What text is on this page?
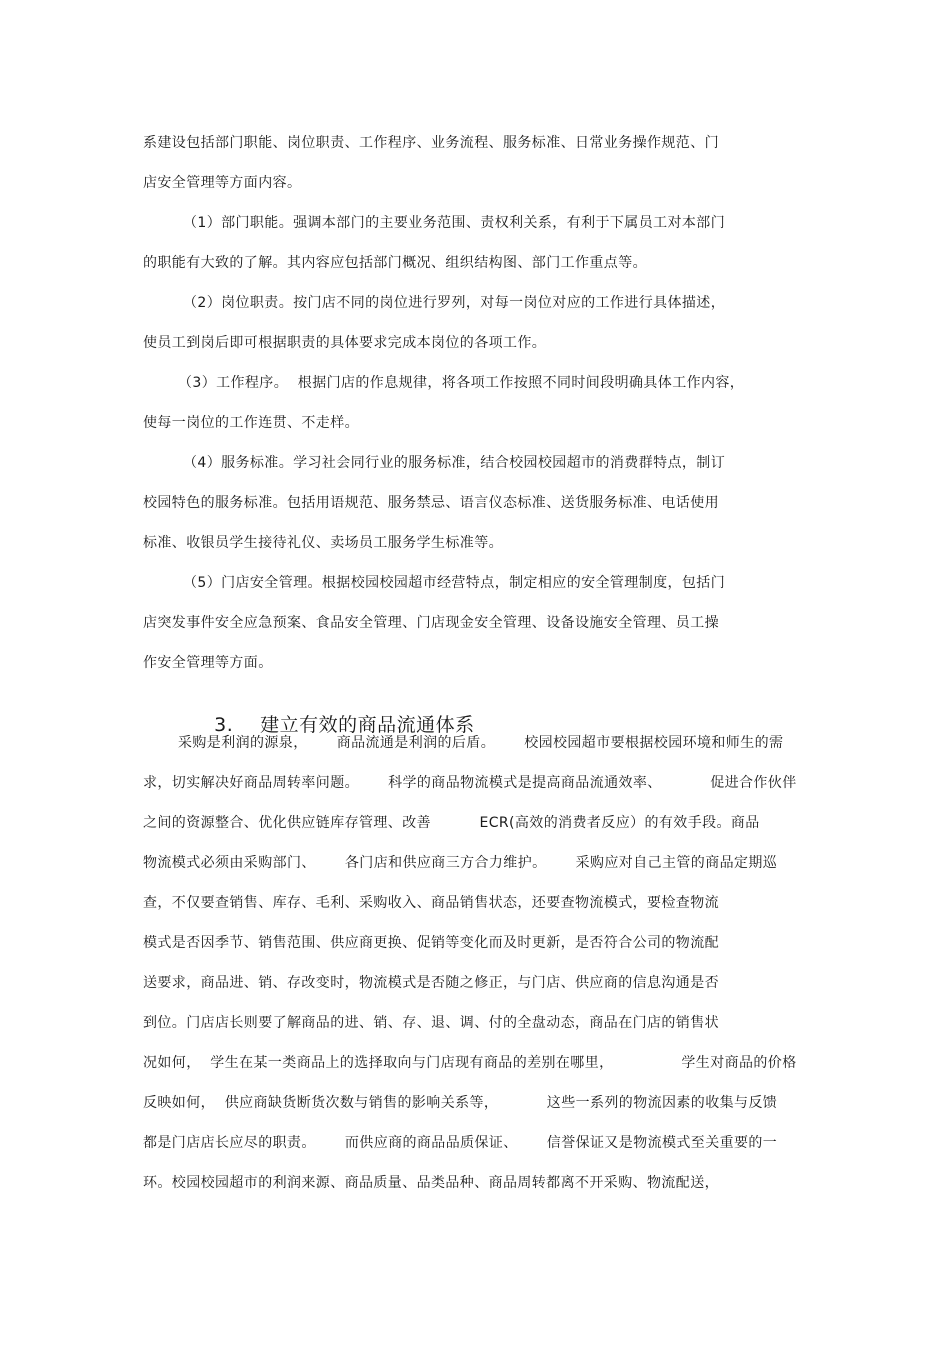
系建设包括部门职能、岗位职责、工作程序、业务流程、服务标准、日常业务操作规范、门
店安全管理等方面内容。
（1）部门职能。强调本部门的主要业务范围、责权利关系，有利于下属员工对本部门
的职能有大致的了解。其内容应包括部门概况、组织结构图、部门工作重点等。
（2）岗位职责。按门店不同的岗位进行罗列，对每一岗位对应的工作进行具体描述，
使员工到岗后即可根据职责的具体要求完成本岗位的各项工作。
（3）工作程序。  根据门店的作息规律，将各项工作按照不同时间段明确具体工作内容，
使每一岗位的工作连贯、不走样。
（4）服务标准。学习社会同行业的服务标准，结合校园校园超市的消费群特点，制订
校园特色的服务标准。包括用语规范、服务禁忌、语言仪态标准、送货服务标准、电话使用
标准、收银员学生接待礼仪、卖场员工服务学生标准等。
（5）门店安全管理。根据校园校园超市经营特点，制定相应的安全管理制度，包括门
店突发事件安全应急预案、食品安全管理、门店现金安全管理、设备设施安全管理、员工操
作安全管理等方面。

3. 建立有效的商品流通体系

采购是利润的源泉，      商品流通是利润的后盾。      校园校园超市要根据校园环境和师生的需
求，切实解决好商品周转率问题。      科学的商品物流模式是提高商品流通效率、          促进合作伙伴
之间的资源整合、优化供应链库存管理、改善          ECR(高效的消费者反应）的有效手段。商品
物流模式必须由采购部门、      各门店和供应商三方合力维护。      采购应对自己主管的商品定期巡
查，不仅要查销售、库存、毛利、采购收入、商品销售状态，还要查物流模式，要检查物流
模式是否因季节、销售范围、供应商更换、促销等变化而及时更新，是否符合公司的物流配
送要求，商品进、销、存改变时，物流模式是否随之修正，与门店、供应商的信息沟通是否
到位。门店店长则要了解商品的进、销、存、退、调、付的全盘动态，商品在门店的销售状
况如何，  学生在某一类商品上的选择取向与门店现有商品的差别在哪里，              学生对商品的价格
反映如何，  供应商缺货断货次数与销售的影响关系等，          这些一系列的物流因素的收集与反馈
都是门店店长应尽的职责。      而供应商的商品品质保证、      信誉保证又是物流模式至关重要的一
环。校园校园超市的利润来源、商品质量、品类品种、商品周转都离不开采购、物流配送，
